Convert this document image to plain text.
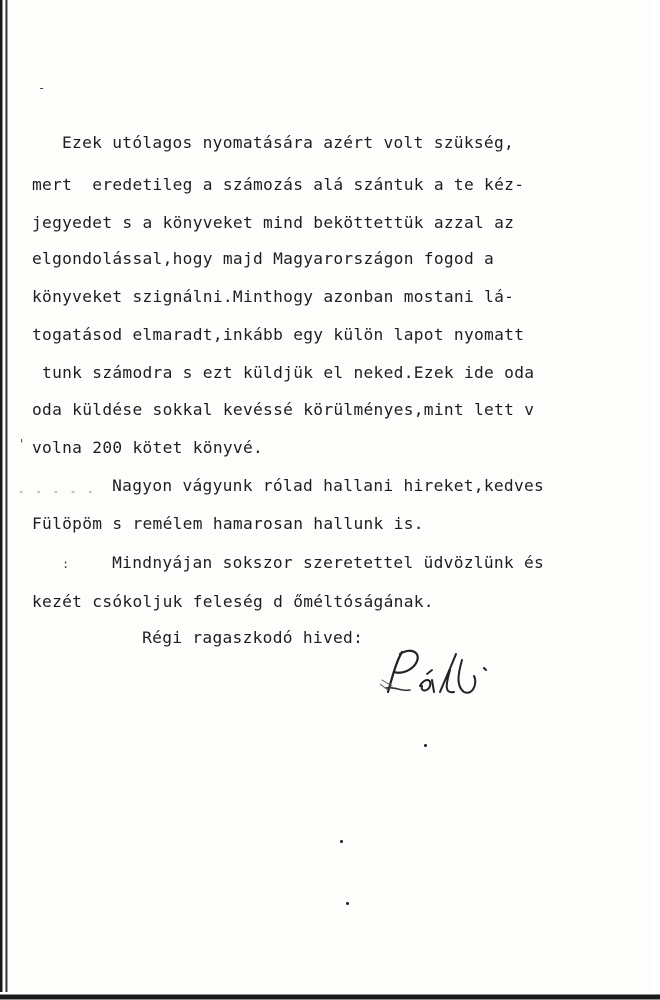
-
'
:
- - - - -
Ezek utólagos nyomatására azért volt szükség,
mert  eredetileg a számozás alá szántuk a te kéz-
jegyedet s a könyveket mind beköttettük azzal az
elgondolással,hogy majd Magyarországon fogod a
könyveket szignálni.Minthogy azonban mostani lá-
togatásod elmaradt,inkább egy külön lapot nyomatt
tunk számodra s ezt küldjük el neked.Ezek ide oda
oda küldése sokkal kevéssé körülményes,mint lett v
volna 200 kötet könyvé.
Nagyon vágyunk rólad hallani hireket,kedves
Fülöpöm s remélem hamarosan hallunk is.
Mindnyájan sokszor szeretettel üdvözlünk és
kezét csókoljuk feleség d őméltóságának.
Régi ragaszkodó hived:
